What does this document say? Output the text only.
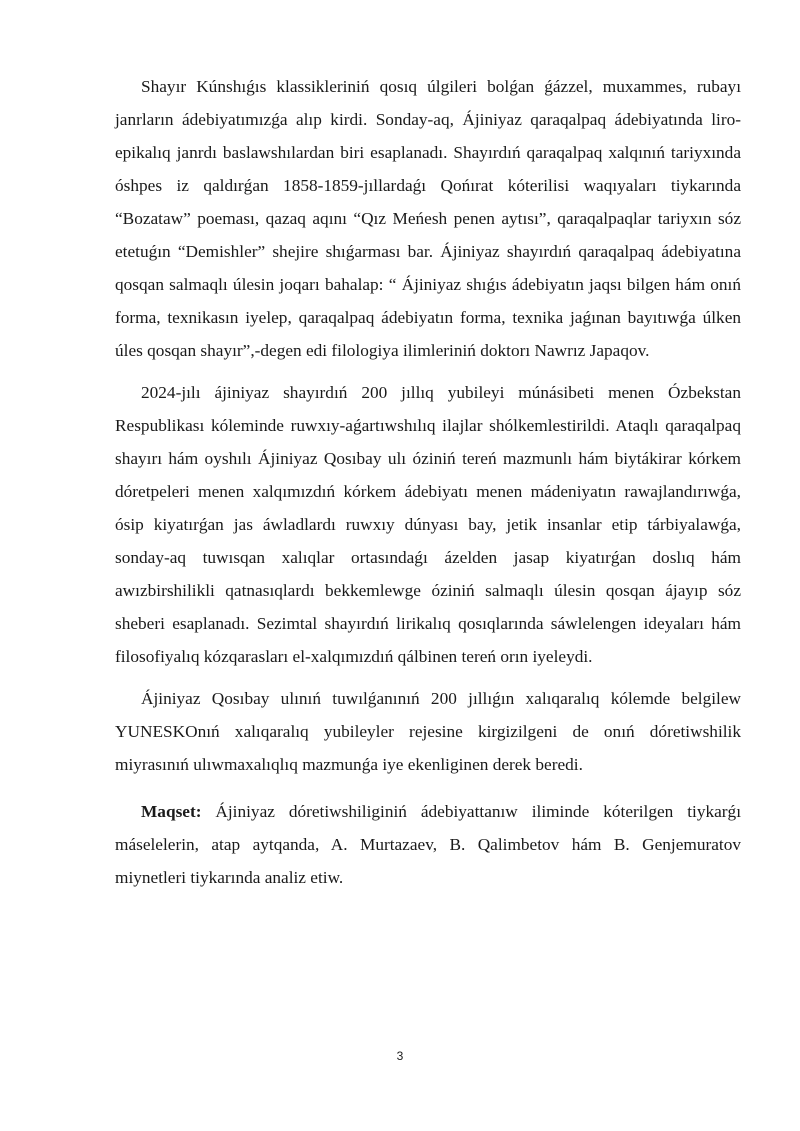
Shayır Kúnshıǵıs klassikleriniń qosıq úlgileri bolǵan ǵázzel, muxammes, rubayı janrların ádebiyatımızǵa alıp kirdi. Sonday-aq, Ájiniyaz qaraqalpaq ádebiyatında liro-epikalıq janrdı baslawshılardan biri esaplanadı. Shayırdıń qaraqalpaq xalqınıń tariyxında óshpes iz qaldırǵan 1858-1859-jıllardaǵı Qońırat kóterilisi waqıyaları tiykarında “Bozataw” poeması, qazaq aqını “Qız Meńesh penen aytısı”, qaraqalpaqlar tariyxın sóz etetuǵın “Demishler” shejire shıǵarması bar. Ájiniyaz shayırdıń qaraqalpaq ádebiyatına qosqan salmaqlı úlesin joqarı bahalap: “ Ájiniyaz shıǵıs ádebiyatın jaqsı bilgen hám onıń forma, texnikasın iyelep, qaraqalpaq ádebiyatın forma, texnika jaǵınan bayıtıwǵa úlken úles qosqan shayır”,-degen edi filologiya ilimleriniń doktorı Nawrız Japaqov.

2024-jılı ájiniyaz shayırdıń 200 jıllıq yubileyi múnásibeti menen Ózbekstan Respublikası kóleminde ruwxıy-aǵartıwshılıq ilajlar shólkemlestirildi. Ataqlı qaraqalpaq shayırı hám oyshılı Ájiniyaz Qosıbay ulı óziniń tereń mazmunlı hám biytákirar kórkem dóretpeleri menen xalqımızdıń kórkem ádebiyatı menen mádeniyatın rawajlandırıwǵa, ósip kiyatırǵan jas áwladlardı ruwxıy dúnyası bay, jetik insanlar etip tárbiyalawǵa, sonday-aq tuwısqan xalıqlar ortasındaǵı ázelden jasap kiyatırǵan doslıq hám awızbirshilikli qatnasıqlardı bekkemlewge óziniń salmaqlı úlesin qosqan ájayıp sóz sheberi esaplanadı. Sezimtal shayırdıń lirikalıq qosıqlarında sáwlelengen ideyaları hám filosofiyalıq kózqarasları el-xalqımızdıń qálbinen tereń orın iyeleydi.

Ájiniyaz Qosıbay ulınıń tuwılǵanınıń 200 jıllıǵın xalıqaralıq kólemde belgilew YUNESKOnıń xalıqaralıq yubileyler rejesine kirgizilgeni de onıń dóretiwshilik miyrasınıń ulıwmaxalıqlıq mazmunǵa iye ekenliginen derek beredi.

Maqset: Ájiniyaz dóretiwshiliginiń ádebiyattanıw iliminde kóterilgen tiykarǵı máselelerin, atap aytqanda, A. Murtazaev, B. Qalimbetov hám B. Genjemuratov miynetleri tiykarında analiz etiw.

3
